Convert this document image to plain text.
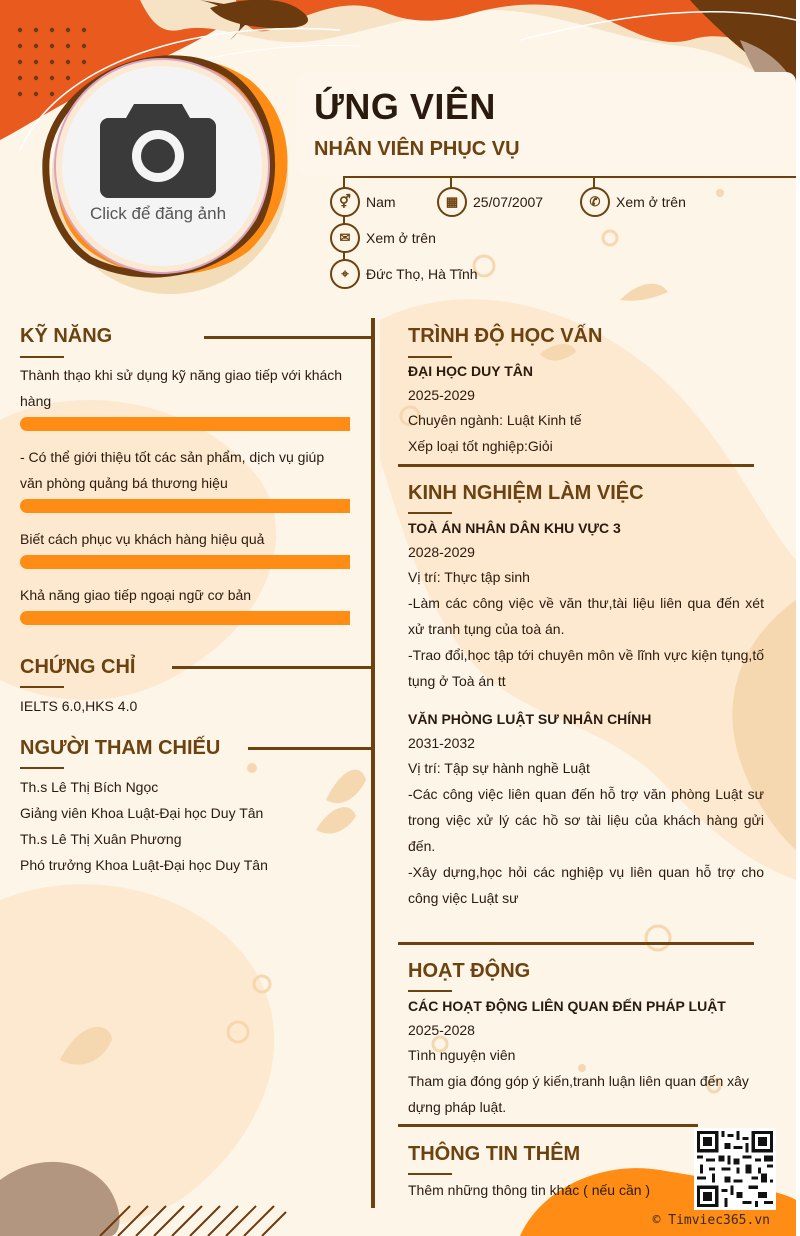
ỨNG VIÊN
NHÂN VIÊN PHỤC VỤ
Click để đăng ảnh
⚥	Nam	▦	25/07/2007	✆	Xem ở trên
✉	Xem ở trên
⌖	Đức Thọ, Hà Tĩnh
KỸ NĂNG
Thành thạo khi sử dụng kỹ năng giao tiếp với khách hàng
- Có thể giới thiệu tốt các sản phẩm, dịch vụ giúp văn phòng quảng bá thương hiệu
Biết cách phục vụ khách hàng hiệu quả
Khả năng giao tiếp ngoại ngữ cơ bản
CHỨNG CHỈ
IELTS 6.0,HKS 4.0
NGƯỜI THAM CHIẾU
Th.s Lê Thị Bích Ngọc
Giảng viên Khoa Luật-Đại học Duy Tân
Th.s Lê Thị Xuân Phương
Phó trưởng Khoa Luật-Đại học Duy Tân
TRÌNH ĐỘ HỌC VẤN
ĐẠI HỌC DUY TÂN
2025-2029
Chuyên ngành: Luật Kinh tế
Xếp loại tốt nghiệp:Giỏi
KINH NGHIỆM LÀM VIỆC
TOÀ ÁN NHÂN DÂN KHU VỰC 3
2028-2029
Vị trí: Thực tập sinh
-Làm các công việc về văn thư,tài liệu liên qua đến xét xử tranh tụng của toà án.
-Trao đổi,học tập tới chuyên môn về lĩnh vực kiện tụng,tố tụng ở Toà án tt
VĂN PHÒNG LUẬT SƯ NHÂN CHÍNH
2031-2032
Vị trí: Tập sự hành nghề Luật
-Các công việc liên quan đến hỗ trợ văn phòng Luật sư trong việc xử lý các hồ sơ tài liệu của khách hàng gửi đến.
-Xây dựng,học hỏi các nghiệp vụ liên quan hỗ trợ cho công việc Luật sư
HOẠT ĐỘNG
CÁC HOẠT ĐỘNG LIÊN QUAN ĐẾN PHÁP LUẬT
2025-2028
Tình nguyện viên
Tham gia đóng góp ý kiến,tranh luận liên quan đến xây dựng pháp luật.
THÔNG TIN THÊM
Thêm những thông tin khác ( nếu cần )
© Timviec365.vn
